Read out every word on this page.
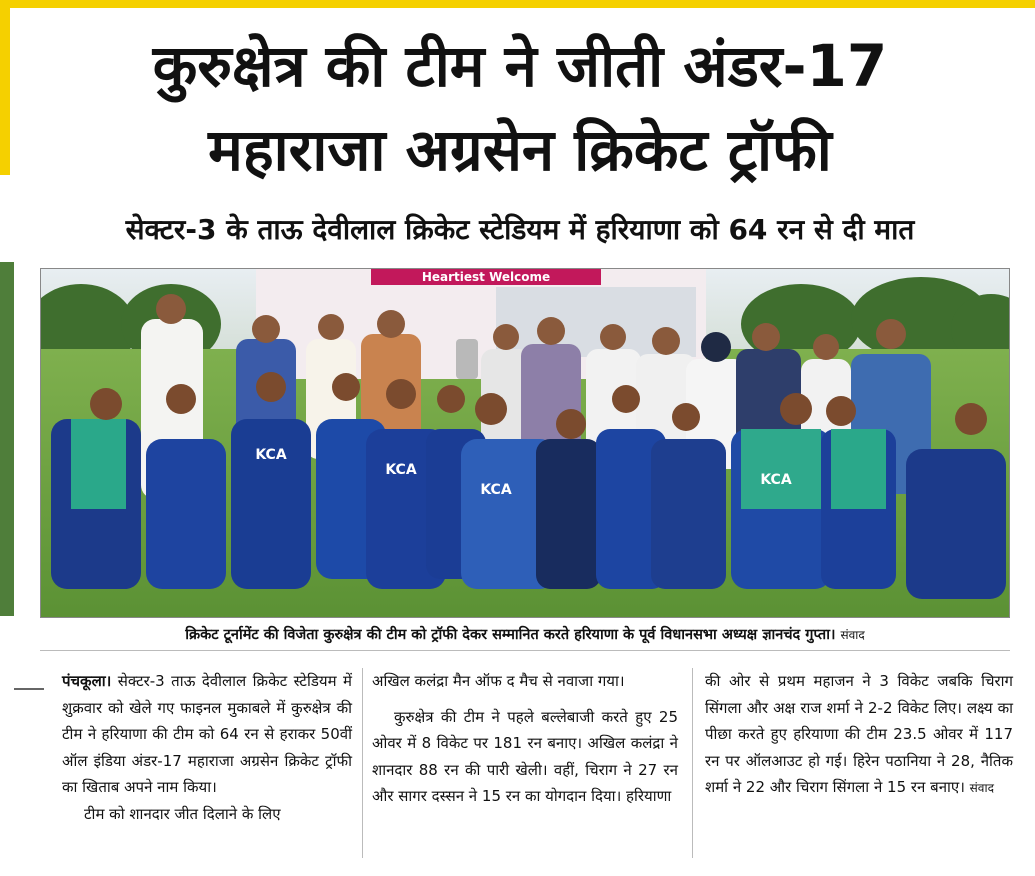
कुरुक्षेत्र की टीम ने जीती अंडर-17
महाराजा अग्रसेन क्रिकेट ट्रॉफी
सेक्टर-3 के ताऊ देवीलाल क्रिकेट स्टेडियम में हरियाणा को 64 रन से दी मात
Heartiest Welcome
KCA
KCA
KCA
KCA
क्रिकेट टूर्नामेंट की विजेता कुरुक्षेत्र की टीम को ट्रॉफी देकर सम्मानित करते हरियाणा के पूर्व विधानसभा अध्यक्ष ज्ञानचंद गुप्ता। संवाद

पंचकूला। सेक्टर-3 ताऊ देवीलाल क्रिकेट स्टेडियम में शुक्रवार को खेले गए फाइनल मुकाबले में कुरुक्षेत्र की टीम ने हरियाणा की टीम को 64 रन से हराकर 50वीं ऑल इंडिया अंडर-17 महाराजा अग्रसेन क्रिकेट ट्रॉफी का खिताब अपने नाम किया।

टीम को शानदार जीत दिलाने के लिए

अखिल कलंद्रा मैन ऑफ द मैच से नवाजा गया।

कुरुक्षेत्र की टीम ने पहले बल्लेबाजी करते हुए 25 ओवर में 8 विकेट पर 181 रन बनाए। अखिल कलंद्रा ने शानदार 88 रन की पारी खेली। वहीं, चिराग ने 27 रन और सागर दस्सन ने 15 रन का योगदान दिया। हरियाणा

की ओर से प्रथम महाजन ने 3 विकेट जबकि चिराग सिंगला और अक्ष राज शर्मा ने 2-2 विकेट लिए। लक्ष्य का पीछा करते हुए हरियाणा की टीम 23.5 ओवर में 117 रन पर ऑलआउट हो गई। हिरेन पठानिया ने 28, नैतिक शर्मा ने 22 और चिराग सिंगला ने 15 रन बनाए। संवाद
